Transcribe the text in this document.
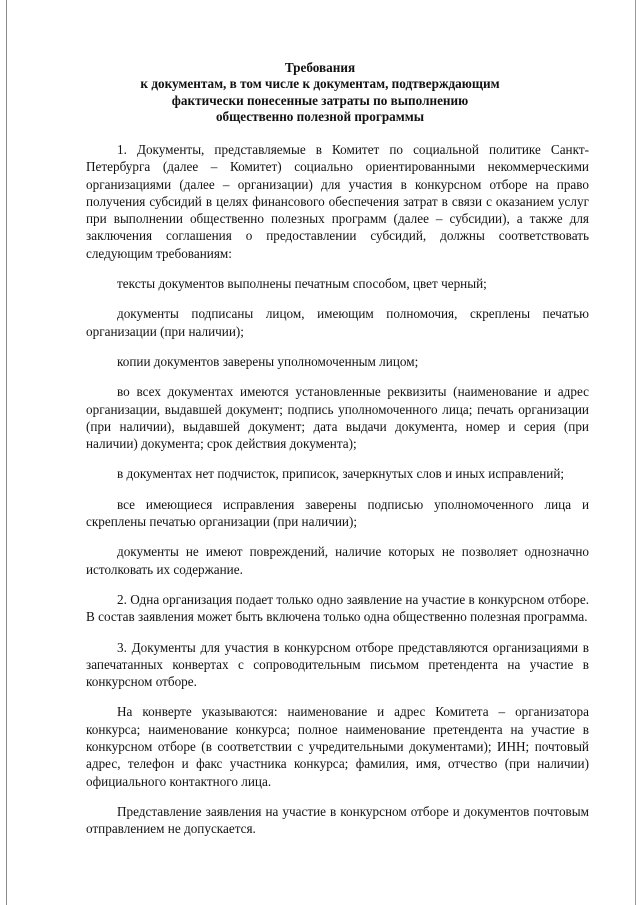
Требования
к документам, в том числе к документам, подтверждающим
фактически понесенные затраты по выполнению
общественно полезной программы

1. Документы, представляемые в Комитет по социальной политике Санкт-Петербурга (далее – Комитет) социально ориентированными некоммерческими организациями (далее – организации) для участия в конкурсном отборе на право получения субсидий в целях финансового обеспечения затрат в связи с оказанием услуг при выполнении общественно полезных программ (далее – субсидии), а также для заключения соглашения о предоставлении субсидий, должны соответствовать следующим требованиям:

тексты документов выполнены печатным способом, цвет черный;

документы подписаны лицом, имеющим полномочия, скреплены печатью организации (при наличии);

копии документов заверены уполномоченным лицом;

во всех документах имеются установленные реквизиты (наименование и адрес организации, выдавшей документ; подпись уполномоченного лица; печать организации (при наличии), выдавшей документ; дата выдачи документа, номер и серия (при наличии) документа; срок действия документа);

в документах нет подчисток, приписок, зачеркнутых слов и иных исправлений;

все имеющиеся исправления заверены подписью уполномоченного лица и скреплены печатью организации (при наличии);

документы не имеют повреждений, наличие которых не позволяет однозначно истолковать их содержание.

2. Одна организация подает только одно заявление на участие в конкурсном отборе. В состав заявления может быть включена только одна общественно полезная программа.

3. Документы для участия в конкурсном отборе представляются организациями в запечатанных конвертах с сопроводительным письмом претендента на участие в конкурсном отборе.

На конверте указываются: наименование и адрес Комитета – организатора конкурса; наименование конкурса; полное наименование претендента на участие в конкурсном отборе (в соответствии с учредительными документами); ИНН; почтовый адрес, телефон и факс участника конкурса; фамилия, имя, отчество (при наличии) официального контактного лица.

Представление заявления на участие в конкурсном отборе и документов почтовым отправлением не допускается.
